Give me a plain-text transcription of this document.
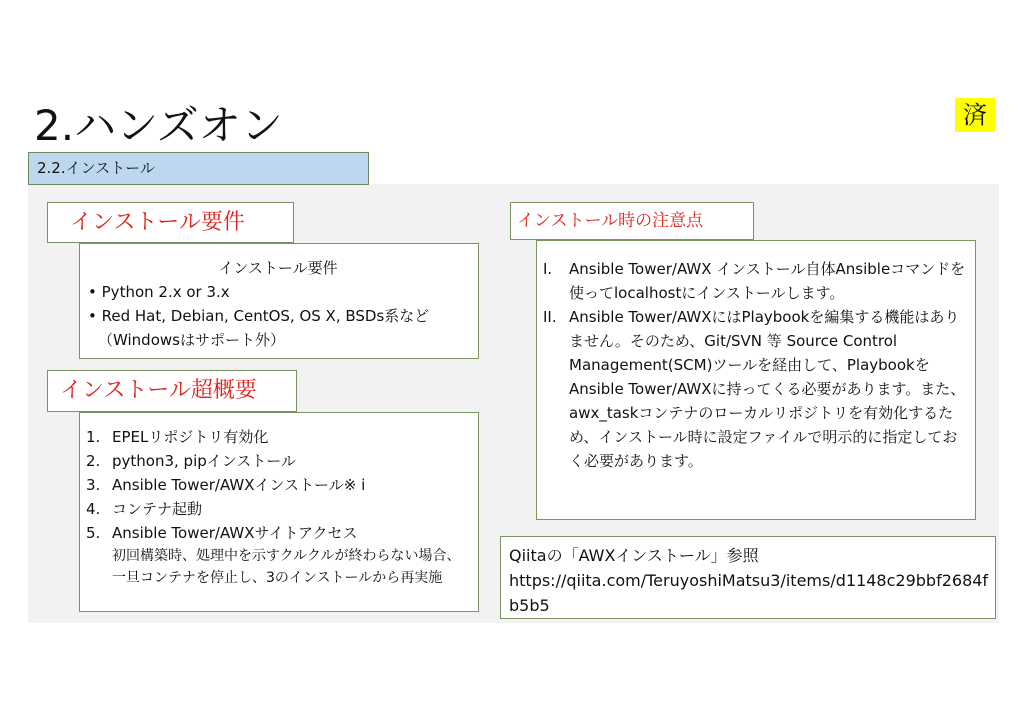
2.ハンズオン	済
2.2.インストール
インストール要件
インストール要件
• Python 2.x or 3.x
• Red Hat, Debian, CentOS, OS X, BSDs系など（Windowsはサポート外）
インストール超概要
1. EPELリポジトリ有効化
2. python3, pipインストール
3. Ansible Tower/AWXインストール※ i
4. コンテナ起動
5. Ansible Tower/AWXサイトアクセス
初回構築時、処理中を示すクルクルが終わらない場合、一旦コンテナを停止し、3のインストールから再実施
インストール時の注意点
I.	Ansible Tower/AWX インストール自体Ansibleコマンドを使ってlocalhostにインストールします。
II. Ansible Tower/AWXにはPlaybookを編集する機能はありません。そのため、Git/SVN 等 Source Control Management(SCM)ツールを経由して、PlaybookをAnsible Tower/AWXに持ってくる必要があります。また、awx_taskコンテナのローカルリポジトリを有効化するため、インストール時に設定ファイルで明示的に指定しておく必要があります。
Qiitaの「AWXインストール」参照
https://qiita.com/TeruyoshiMatsu3/items/d1148c29bbf2684fb5b5
